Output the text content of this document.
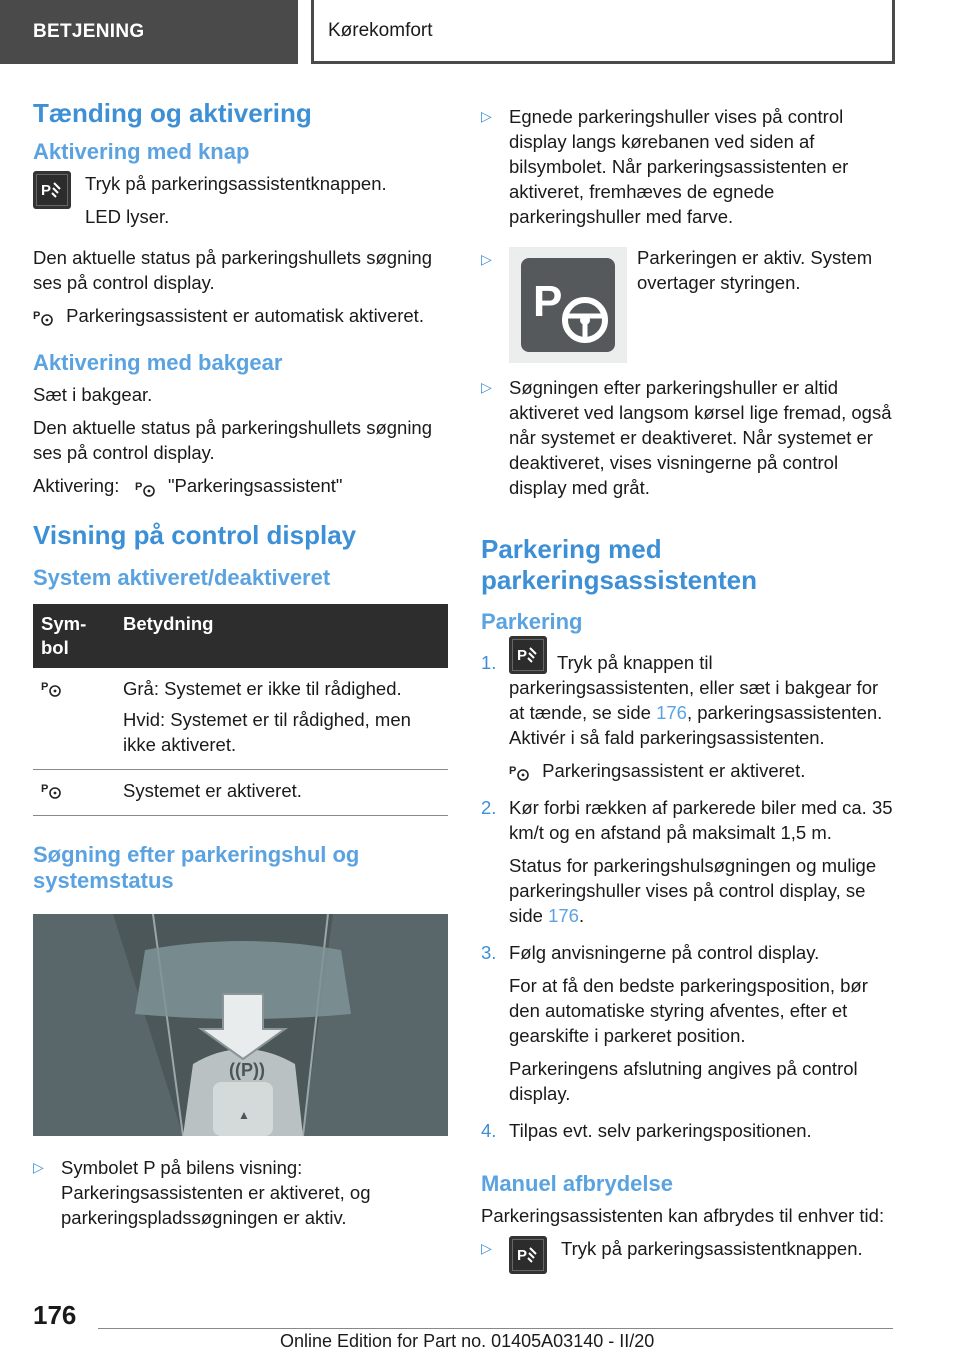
BETJENING	Kørekomfort
Tænding og aktivering
Aktivering med knap
P Tryk på parkeringsassistentknappen.

LED lyser.

Den aktuelle status på parkeringshullets søgning ses på control display.

P Parkeringsassistent er automatisk aktiveret.

Aktivering med bakgear

Sæt i bakgear.

Den aktuelle status på parkeringshullets søgning ses på control display.

Aktivering: P "Parkeringsassistent"

Visning på control display
System aktiveret/deaktiveret
Sym-bol	Betydning

P	Grå: Systemet er ikke til rådighed.

Hvid: Systemet er til rådighed, men ikke aktiveret.

P	Systemet er aktiveret.

Søgning efter parkeringshul og systemstatus
((P))
▲
▷ Symbolet P på bilens visning: Parkeringsassistenten er aktiveret, og parkeringspladssøgningen er aktiv.

▷ Egnede parkeringshuller vises på control display langs kørebanen ved siden af bilsymbolet. Når parkeringsassistenten er aktiveret, fremhæves de egnede parkeringshuller med farve.

▷
P

Parkeringen er aktiv. System overtager styringen.

▷ Søgningen efter parkeringshuller er altid aktiveret ved langsom kørsel lige fremad, også når systemet er deaktiveret. Når systemet er deaktiveret, vises visningerne på control display med gråt.

Parkering med parkeringsassistenten
Parkering
1.	P Tryk på knappen til parkeringsassistenten, eller sæt i bakgear for at tænde, se side 176, parkeringsassistenten. Aktivér i så fald parkeringsassistenten.

P Parkeringsassistent er aktiveret.

2. Kør forbi rækken af parkerede biler med ca. 35 km/t og en afstand på maksimalt 1,5 m.

Status for parkeringshulsøgningen og mulige parkeringshuller vises på control display, se side 176.

3. Følg anvisningerne på control display.

For at få den bedste parkeringsposition, bør den automatiske styring afventes, efter et gearskifte i parkeret position.

Parkeringens afslutning angives på control display.

4. Tilpas evt. selv parkeringspositionen.

Manuel afbrydelse

Parkeringsassistenten kan afbrydes til enhver tid:

▷	P Tryk på parkeringsassistentknappen.

176
Online Edition for Part no. 01405A03140 - II/20
